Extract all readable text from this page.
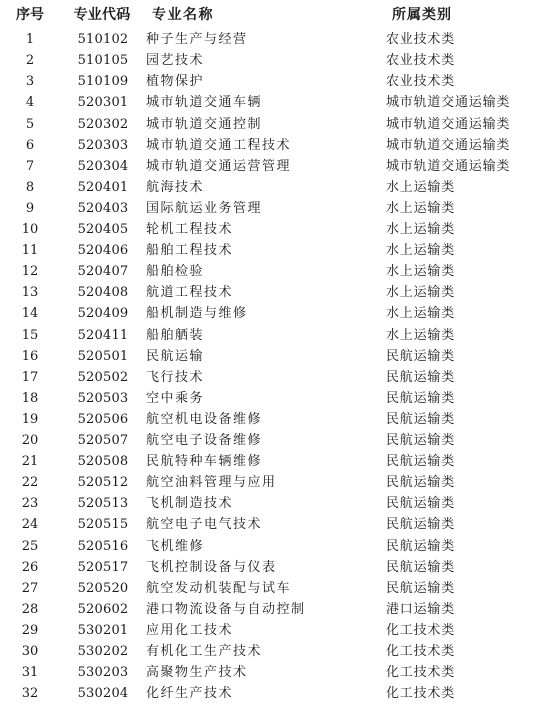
序号	专业代码	专业名称	所属类别
1	510102	种子生产与经营	农业技术类
2	510105	园艺技术	农业技术类
3	510109	植物保护	农业技术类
4	520301	城市轨道交通车辆	城市轨道交通运输类
5	520302	城市轨道交通控制	城市轨道交通运输类
6	520303	城市轨道交通工程技术	城市轨道交通运输类
7	520304	城市轨道交通运营管理	城市轨道交通运输类
8	520401	航海技术	水上运输类
9	520403	国际航运业务管理	水上运输类
10	520405	轮机工程技术	水上运输类
11	520406	船舶工程技术	水上运输类
12	520407	船舶检验	水上运输类
13	520408	航道工程技术	水上运输类
14	520409	船机制造与维修	水上运输类
15	520411	船舶舾装	水上运输类
16	520501	民航运输	民航运输类
17	520502	飞行技术	民航运输类
18	520503	空中乘务	民航运输类
19	520506	航空机电设备维修	民航运输类
20	520507	航空电子设备维修	民航运输类
21	520508	民航特种车辆维修	民航运输类
22	520512	航空油料管理与应用	民航运输类
23	520513	飞机制造技术	民航运输类
24	520515	航空电子电气技术	民航运输类
25	520516	飞机维修	民航运输类
26	520517	飞机控制设备与仪表	民航运输类
27	520520	航空发动机装配与试车	民航运输类
28	520602	港口物流设备与自动控制	港口运输类
29	530201	应用化工技术	化工技术类
30	530202	有机化工生产技术	化工技术类
31	530203	高聚物生产技术	化工技术类
32	530204	化纤生产技术	化工技术类
